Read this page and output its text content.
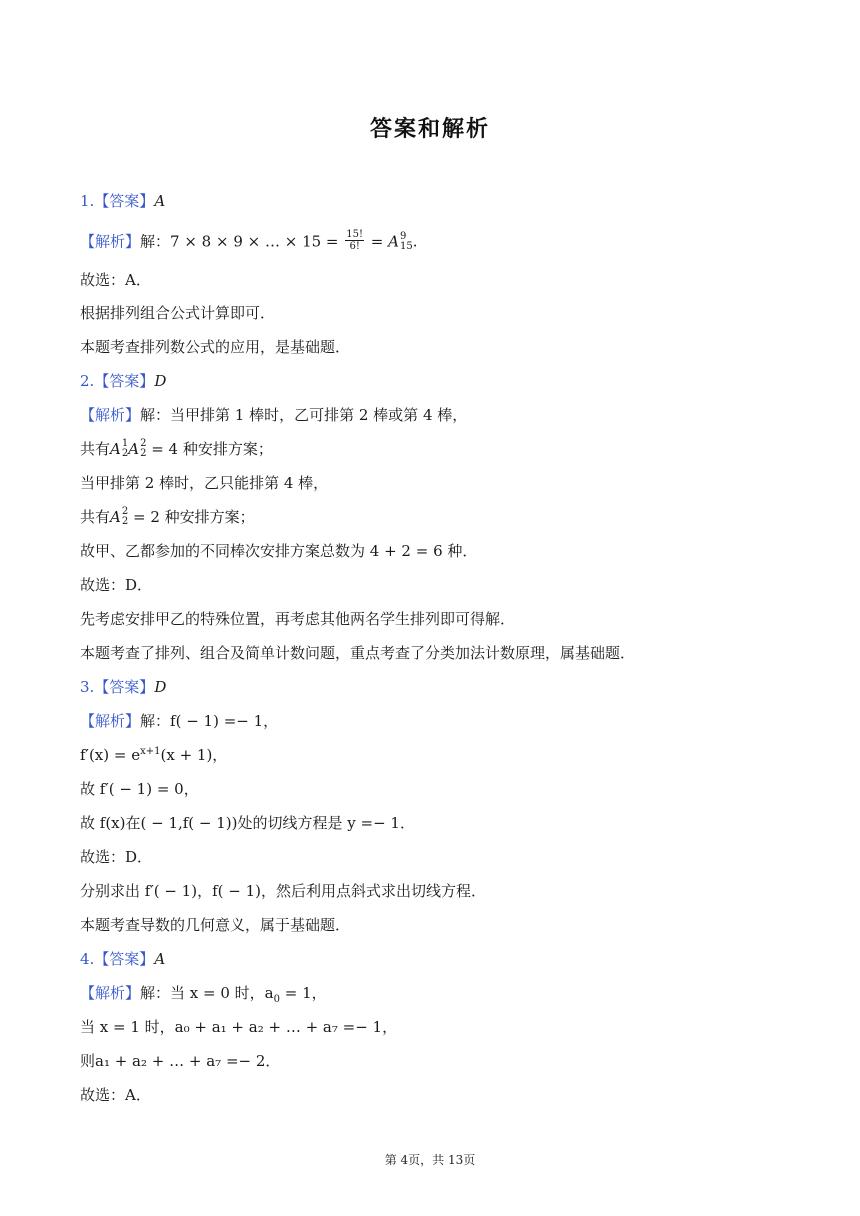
答案和解析
1.【答案】A
【解析】解：7 × 8 × 9 × … × $15 = \frac{15!}{6!} = A$ 9
15 .
故选：A．
根据排列组合公式计算即可．
本题考查排列数公式的应用，是基础题．
2.【答案】D
【解析】解：当甲排第 1 棒时，乙可排第 2 棒或第 4 棒，
共有A 1
2 A 2
2 = 4 种安排方案；
当甲排第 2 棒时，乙只能排第 4 棒，
共有A 2
2 = 2 种安排方案；
故甲、乙都参加的不同棒次安排方案总数为 4 + 2 = 6 种．
故选：D．
先考虑安排甲乙的特殊位置，再考虑其他两名学生排列即可得解．
本题考查了排列、组合及简单计数问题，重点考查了分类加法计数原理，属基础题．
3.【答案】D
【解析】解：f( − 1) =− 1，
$f'(x) = e^{x+1}(x + 1)$，
故 f′( − 1) = 0，
故 f(x)在( − 1,f( − 1))处的切线方程是 y =− 1．
故选：D．
分别求出 f′( − 1)，f( − 1)，然后利用点斜式求出切线方程．
本题考查导数的几何意义，属于基础题．
4.【答案】A
【解析】解：当 x = 0 时，$a_0 = 1$，
当 x = 1 时，a₀ + a₁ + a₂ + … + a₇ =− 1，
则a₁ + a₂ + … + a₇ =− 2．
故选：A．
第 4页，共 13页
